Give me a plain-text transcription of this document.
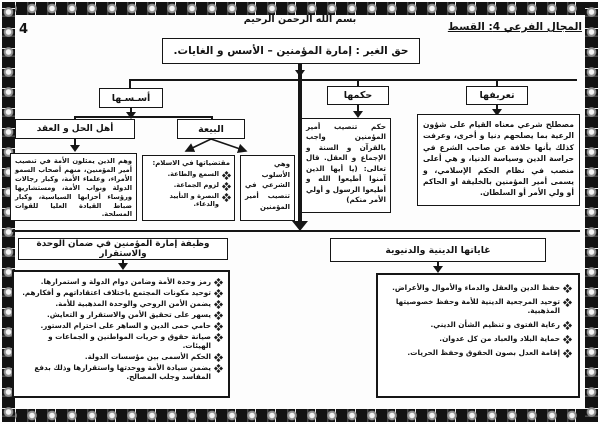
4
بسم الله الرحمن الرحيم
المجال الفرعي 4: القسط
حق الغير : إمارة المؤمنين – الأسس و الغايات.
أسـسـها	حكمها	تعريفها
حكم تنصيب أمير المؤمنين واجب بالقرآن و السنة و الإجماع و العقل. قال تعالى: (يا أيها الذين آمنوا أطيعوا الله و أطيعوا الرسول و أولي الأمر منكم)
مصطلح شرعي معناه القيام على شؤون الرعية بما يصلحهم دنيا و أخرى، وعرفت كذلك بأنها خلافة عن صاحب الشرع في حراسة الدين وسياسة الدنيا، و هي أعلى منصب في نظام الحكم الإسلامي، و يسمى أمير المؤمنين بالخليفة او الحاكم أو ولي الأمر أو السلطان.
أهل الحل و العقد	البيعة
وهم الذين يمثلون الأمة في تنصيب أمير المؤمنين، منهم أصحاب السمو الأمراء، وعلماء الأمة، وكبار رجالات الدولة ونواب الأمة، ومستشاريها ورؤساء أحزابها السياسية، وكبار ضباط القيادة العليا للقوات المسلحة.
مقتضياتها في الاسلام:
السمع والطاعة.
لزوم الجماعة.
النصرة و التأييد والدعاء.
وهي الأسلوب الشرعي في تنصيب أمير المؤمنين
وظيفة إمارة المؤمنين في ضمان الوحدة والاستقرار	غاياتها الدينية والدنيوية
رمز وحدة الأمة وضامن دوام الدولة و استمرارها.
توحيد مكونات المجتمع باختلاف اعتقاداتهم و أفكارهم.
يضمن الأمن الروحي والوحدة المذهبية للأمة.
يسهر على تحقيق الأمن والاستقرار و التعايش.
حامي حمى الدين و الساهر على احترام الدستور.
صيانة حقوق و حريات المواطنين و الجماعات و الهيئات.
الحكم الأسمى بين مؤسسات الدولة.
يضمن سيادة الأمة ووحدتها واستقرارها وذلك بدفع المفاسد وجلب المصالح.
حفظ الدين والعقل والدماء والأموال والأعراض.
توحيد المرجعية الدينية للأمة وحفظ خصوصيتها المذهبية.
رعاية الفتوى و تنظيم الشأن الديني.
حماية البلاد والعباد من كل عدوان.
إقامة العدل بصون الحقوق وحفظ الحريات.
